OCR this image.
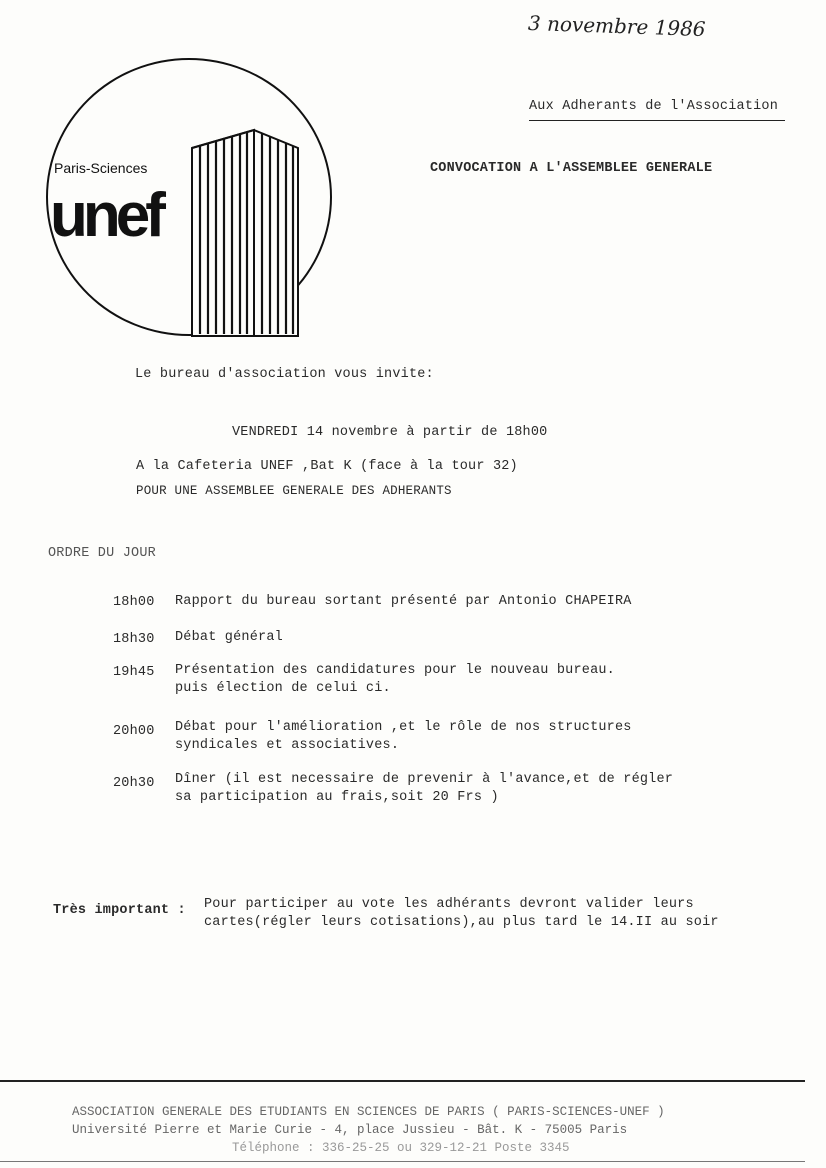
3 novembre 1986
Paris-Sciences
unef
Aux Adherants de l'Association
CONVOCATION A L'ASSEMBLEE GENERALE
Le bureau d'association vous invite:
VENDREDI 14 novembre à partir de 18h00
A la Cafeteria UNEF ,Bat K (face à la tour 32)
POUR UNE ASSEMBLEE GENERALE DES ADHERANTS
ORDRE DU JOUR
18h00 Rapport du bureau sortant présenté par Antonio CHAPEIRA
18h30 Débat général
19h45 Présentation des candidatures pour le nouveau bureau.
puis élection de celui ci.
20h00 Débat pour l'amélioration ,et le rôle de nos structures
syndicales et associatives.
20h30 Dîner (il est necessaire de prevenir à l'avance,et de régler
sa participation au frais,soit 20 Frs )
Très important : Pour participer au vote les adhérants devront valider leurs
cartes(régler leurs cotisations),au plus tard le 14.II au soir
ASSOCIATION GENERALE DES ETUDIANTS EN SCIENCES DE PARIS ( PARIS-SCIENCES-UNEF )
Université Pierre et Marie Curie - 4, place Jussieu - Bât. K - 75005 Paris
Téléphone : 336-25-25 ou 329-12-21 Poste 3345
